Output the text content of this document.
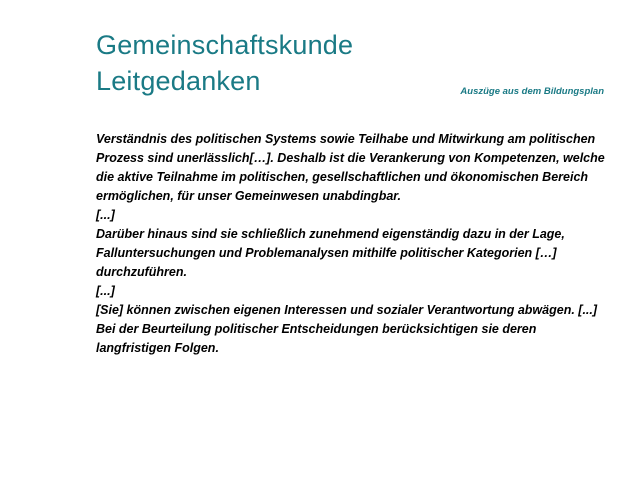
Gemeinschaftskunde
Leitgedanken	Auszüge aus dem Bildungsplan

Verständnis des politischen Systems sowie Teilhabe und Mitwirkung am politischen Prozess sind unerlässlich[…]. Deshalb ist die Verankerung von Kompetenzen, welche die aktive Teilnahme im politischen, gesellschaftlichen und ökonomischen Bereich ermöglichen, für unser Gemeinwesen unabdingbar.

[...]

Darüber hinaus sind sie schließlich zunehmend eigenständig dazu in der Lage, Falluntersuchungen und Problemanalysen mithilfe politischer Kategorien […] durchzuführen.

[...]

[Sie] können zwischen eigenen Interessen und sozialer Verantwortung abwägen. [...] Bei der Beurteilung politischer Entscheidungen berücksichtigen sie deren langfristigen Folgen.
